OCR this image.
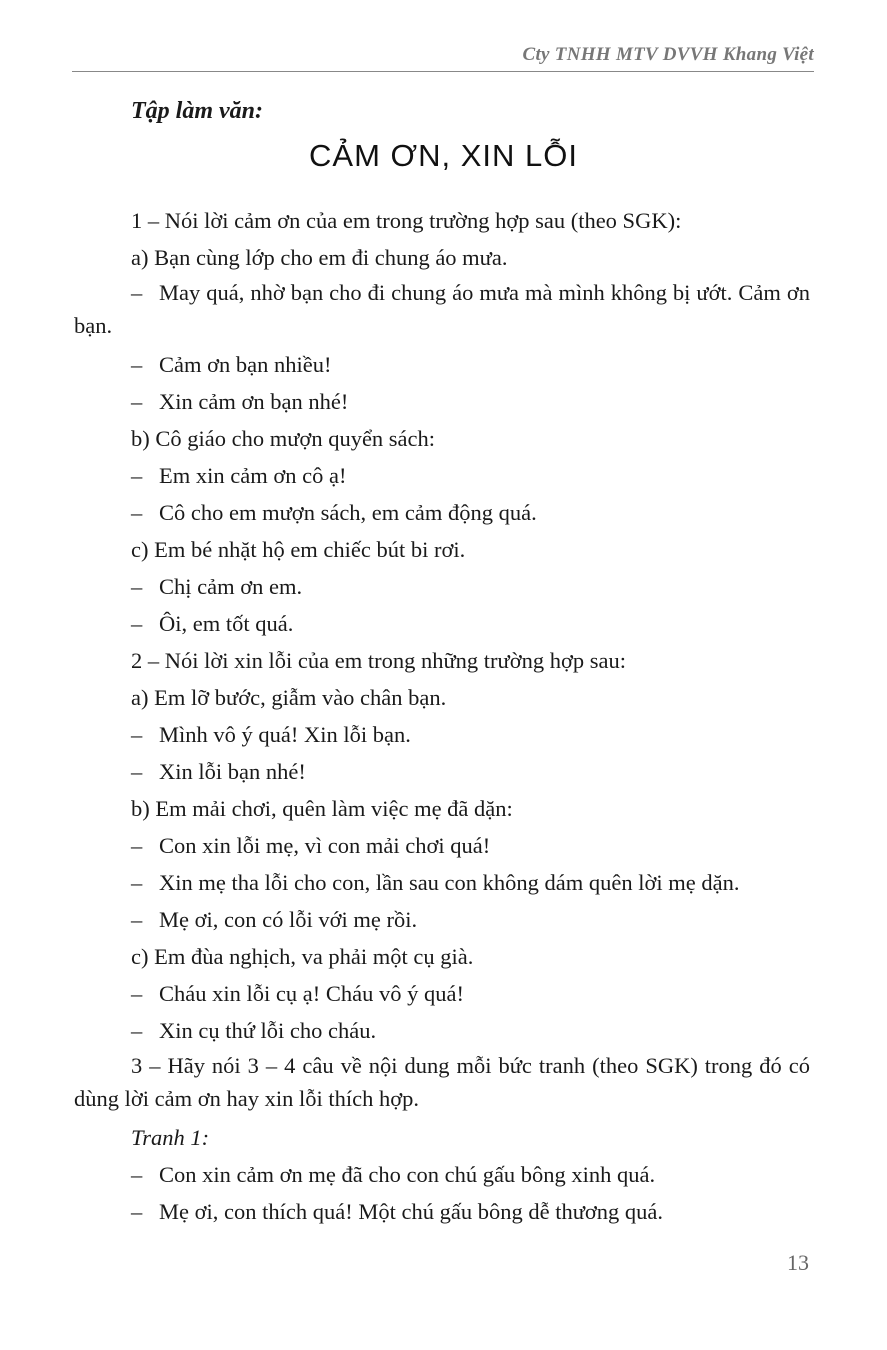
Cty TNHH MTV DVVH Khang Việt
Tập làm văn:
CẢM ƠN, XIN LỖI

1 – Nói lời cảm ơn của em trong trường hợp sau (theo SGK):

a) Bạn cùng lớp cho em đi chung áo mưa.

– May quá, nhờ bạn cho đi chung áo mưa mà mình không bị ướt. Cảm ơn bạn.

– Cảm ơn bạn nhiều!

– Xin cảm ơn bạn nhé!

b) Cô giáo cho mượn quyển sách:

– Em xin cảm ơn cô ạ!

– Cô cho em mượn sách, em cảm động quá.

c) Em bé nhặt hộ em chiếc bút bi rơi.

– Chị cảm ơn em.

– Ôi, em tốt quá.

2 – Nói lời xin lỗi của em trong những trường hợp sau:

a) Em lỡ bước, giẫm vào chân bạn.

– Mình vô ý quá! Xin lỗi bạn.

– Xin lỗi bạn nhé!

b) Em mải chơi, quên làm việc mẹ đã dặn:

– Con xin lỗi mẹ, vì con mải chơi quá!

– Xin mẹ tha lỗi cho con, lần sau con không dám quên lời mẹ dặn.

– Mẹ ơi, con có lỗi với mẹ rồi.

c) Em đùa nghịch, va phải một cụ già.

– Cháu xin lỗi cụ ạ! Cháu vô ý quá!

– Xin cụ thứ lỗi cho cháu.

3 – Hãy nói 3 – 4 câu về nội dung mỗi bức tranh (theo SGK) trong đó có dùng lời cảm ơn hay xin lỗi thích hợp.

Tranh 1:

– Con xin cảm ơn mẹ đã cho con chú gấu bông xinh quá.

– Mẹ ơi, con thích quá! Một chú gấu bông dễ thương quá.

13
